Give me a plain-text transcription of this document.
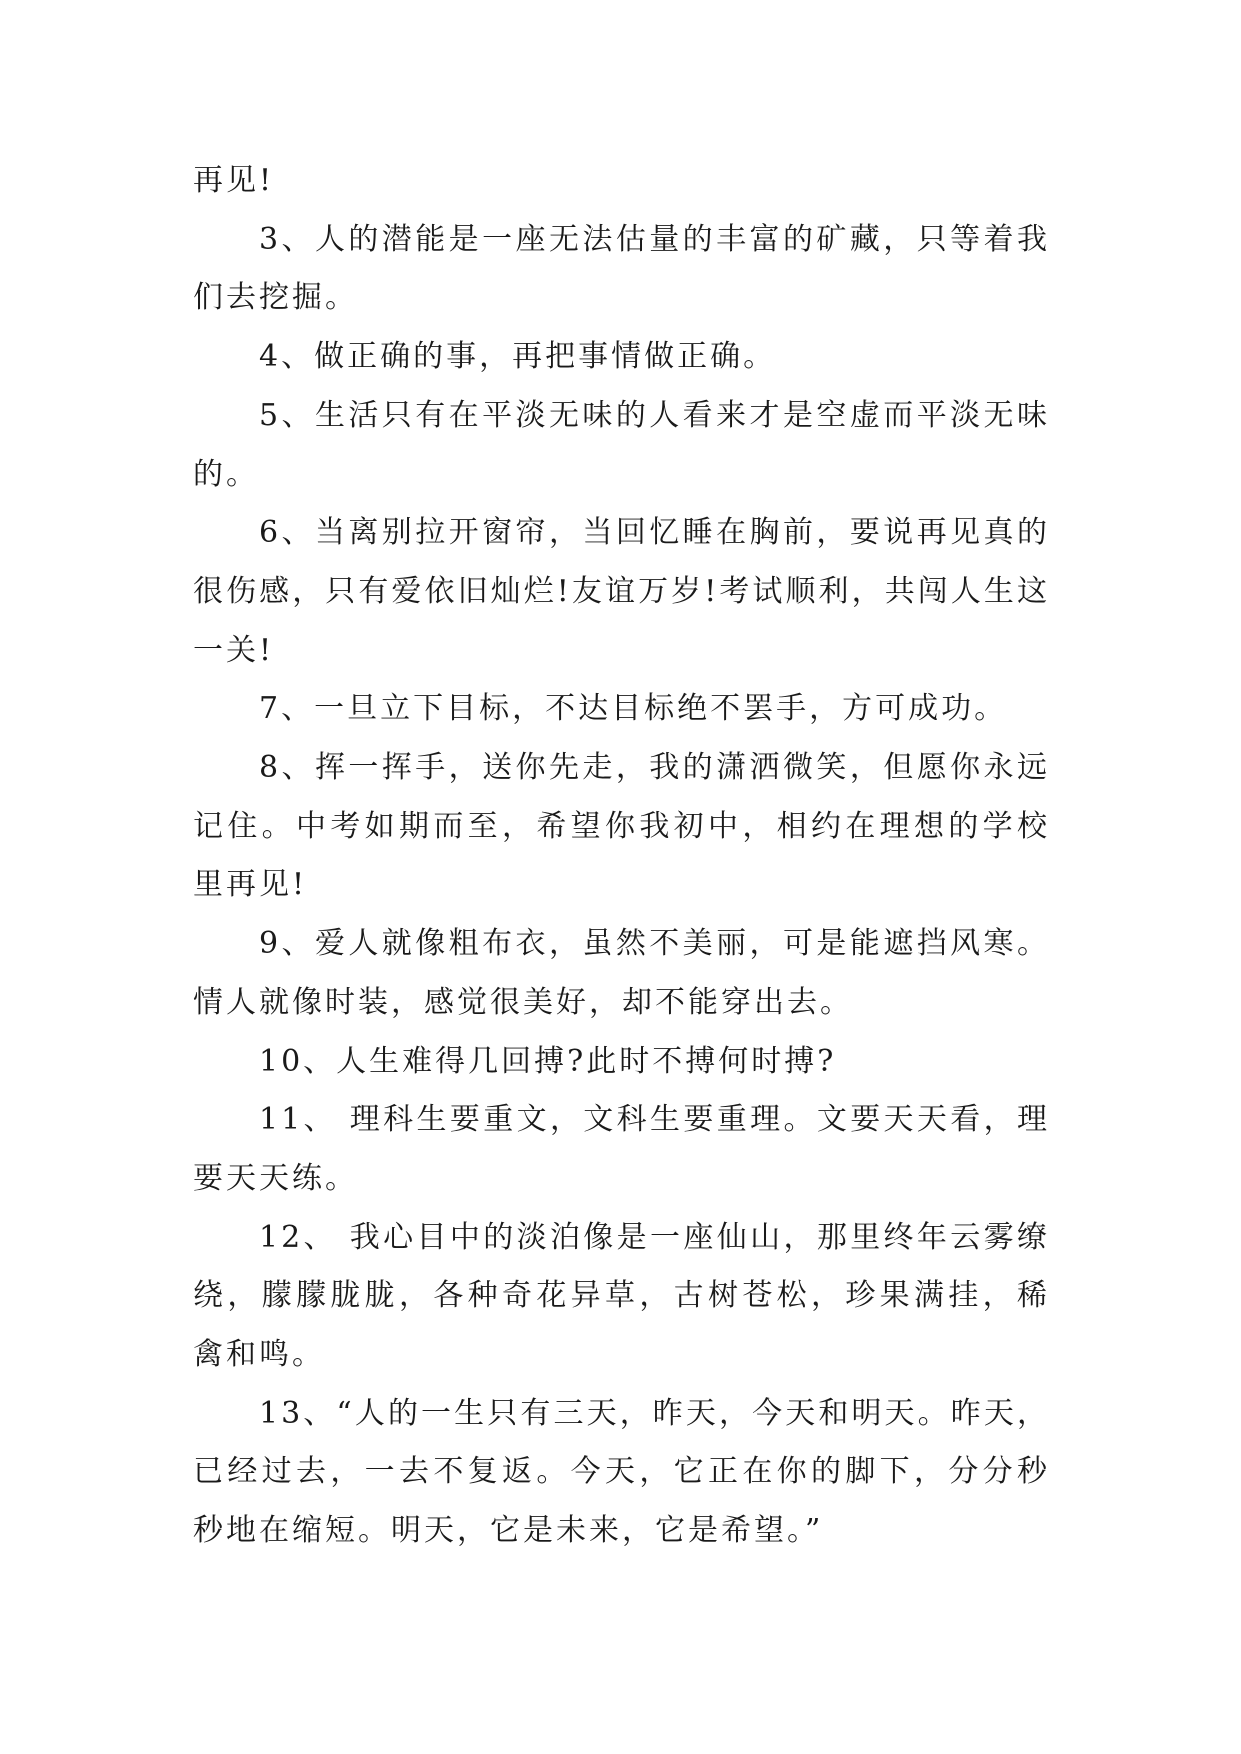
再见!

3、人的潜能是一座无法估量的丰富的矿藏，只等着我们去挖掘。

4、做正确的事，再把事情做正确。

5、生活只有在平淡无味的人看来才是空虚而平淡无味的。

6、当离别拉开窗帘，当回忆睡在胸前，要说再见真的很伤感，只有爱依旧灿烂!友谊万岁!考试顺利，共闯人生这一关!

7、一旦立下目标，不达目标绝不罢手，方可成功。

8、挥一挥手，送你先走，我的潇洒微笑，但愿你永远记住。中考如期而至，希望你我初中，相约在理想的学校里再见!

9、爱人就像粗布衣，虽然不美丽，可是能遮挡风寒。情人就像时装，感觉很美好，却不能穿出去。

10、人生难得几回搏?此时不搏何时搏?

11、 理科生要重文，文科生要重理。文要天天看，理要天天练。

12、 我心目中的淡泊像是一座仙山，那里终年云雾缭绕，朦朦胧胧，各种奇花异草，古树苍松，珍果满挂，稀禽和鸣。

13、“人的一生只有三天，昨天，今天和明天。昨天，已经过去，一去不复返。今天，它正在你的脚下，分分秒秒地在缩短。明天，它是未来，它是希望。”
